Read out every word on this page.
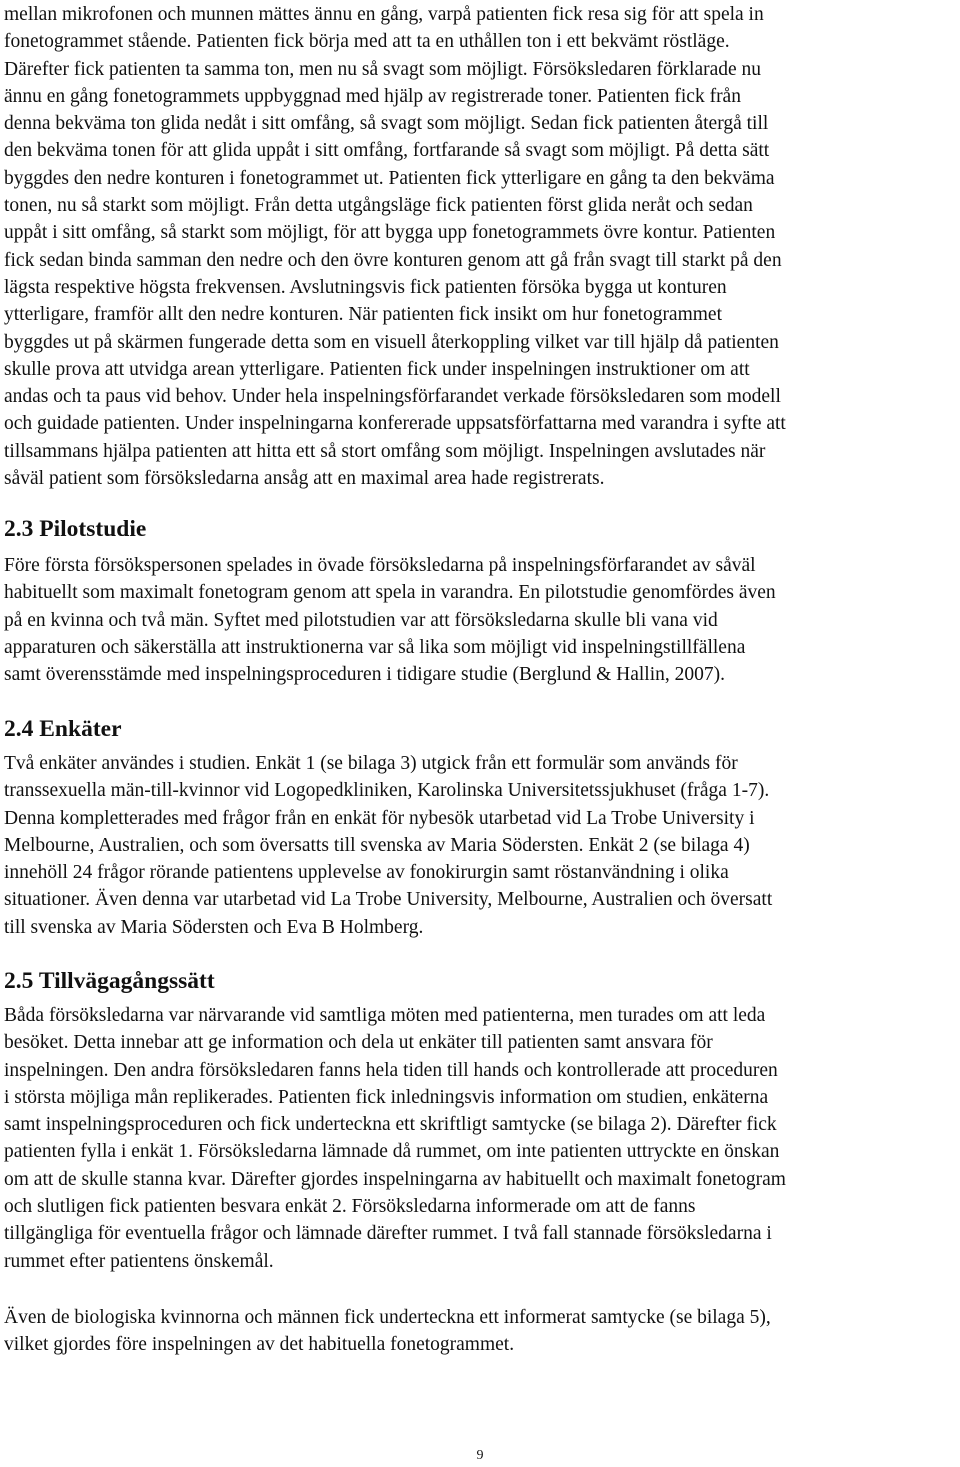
mellan mikrofonen och munnen mättes ännu en gång, varpå patienten fick resa sig för att spela in
fonetogrammet stående. Patienten fick börja med att ta en uthållen ton i ett bekvämt röstläge.
Därefter fick patienten ta samma ton, men nu så svagt som möjligt. Försöksledaren förklarade nu
ännu en gång fonetogrammets uppbyggnad med hjälp av registrerade toner. Patienten fick från
denna bekväma ton glida nedåt i sitt omfång, så svagt som möjligt. Sedan fick patienten återgå till
den bekväma tonen för att glida uppåt i sitt omfång, fortfarande så svagt som möjligt. På detta sätt
byggdes den nedre konturen i fonetogrammet ut. Patienten fick ytterligare en gång ta den bekväma
tonen, nu så starkt som möjligt. Från detta utgångsläge fick patienten först glida neråt och sedan
uppåt i sitt omfång, så starkt som möjligt, för att bygga upp fonetogrammets övre kontur. Patienten
fick sedan binda samman den nedre och den övre konturen genom att gå från svagt till starkt på den
lägsta respektive högsta frekvensen. Avslutningsvis fick patienten försöka bygga ut konturen
ytterligare, framför allt den nedre konturen. När patienten fick insikt om hur fonetogrammet
byggdes ut på skärmen fungerade detta som en visuell återkoppling vilket var till hjälp då patienten
skulle prova att utvidga arean ytterligare. Patienten fick under inspelningen instruktioner om att
andas och ta paus vid behov. Under hela inspelningsförfarandet verkade försöksledaren som modell
och guidade patienten. Under inspelningarna konfererade uppsatsförfattarna med varandra i syfte att
tillsammans hjälpa patienten att hitta ett så stort omfång som möjligt. Inspelningen avslutades när
såväl patient som försöksledarna ansåg att en maximal area hade registrerats.
2.3 Pilotstudie
Före första försökspersonen spelades in övade försöksledarna på inspelningsförfarandet av såväl
habituellt som maximalt fonetogram genom att spela in varandra. En pilotstudie genomfördes även
på en kvinna och två män. Syftet med pilotstudien var att försöksledarna skulle bli vana vid
apparaturen och säkerställa att instruktionerna var så lika som möjligt vid inspelningstillfällena
samt överensstämde med inspelningsproceduren i tidigare studie (Berglund & Hallin, 2007).
2.4 Enkäter
Två enkäter användes i studien. Enkät 1 (se bilaga 3) utgick från ett formulär som används för
transsexuella män-till-kvinnor vid Logopedkliniken, Karolinska Universitetssjukhuset (fråga 1-7).
Denna kompletterades med frågor från en enkät för nybesök utarbetad vid La Trobe University i
Melbourne, Australien, och som översatts till svenska av Maria Södersten. Enkät 2 (se bilaga 4)
innehöll 24 frågor rörande patientens upplevelse av fonokirurgin samt röstanvändning i olika
situationer. Även denna var utarbetad vid La Trobe University, Melbourne, Australien och översatt
till svenska av Maria Södersten och Eva B Holmberg.
2.5 Tillvägagångssätt
Båda försöksledarna var närvarande vid samtliga möten med patienterna, men turades om att leda
besöket. Detta innebar att ge information och dela ut enkäter till patienten samt ansvara för
inspelningen. Den andra försöksledaren fanns hela tiden till hands och kontrollerade att proceduren
i största möjliga mån replikerades. Patienten fick inledningsvis information om studien, enkäterna
samt inspelningsproceduren och fick underteckna ett skriftligt samtycke (se bilaga 2). Därefter fick
patienten fylla i enkät 1. Försöksledarna lämnade då rummet, om inte patienten uttryckte en önskan
om att de skulle stanna kvar. Därefter gjordes inspelningarna av habituellt och maximalt fonetogram
och slutligen fick patienten besvara enkät 2. Försöksledarna informerade om att de fanns
tillgängliga för eventuella frågor och lämnade därefter rummet. I två fall stannade försöksledarna i
rummet efter patientens önskemål.
Även de biologiska kvinnorna och männen fick underteckna ett informerat samtycke (se bilaga 5),
vilket gjordes före inspelningen av det habituella fonetogrammet.
9
